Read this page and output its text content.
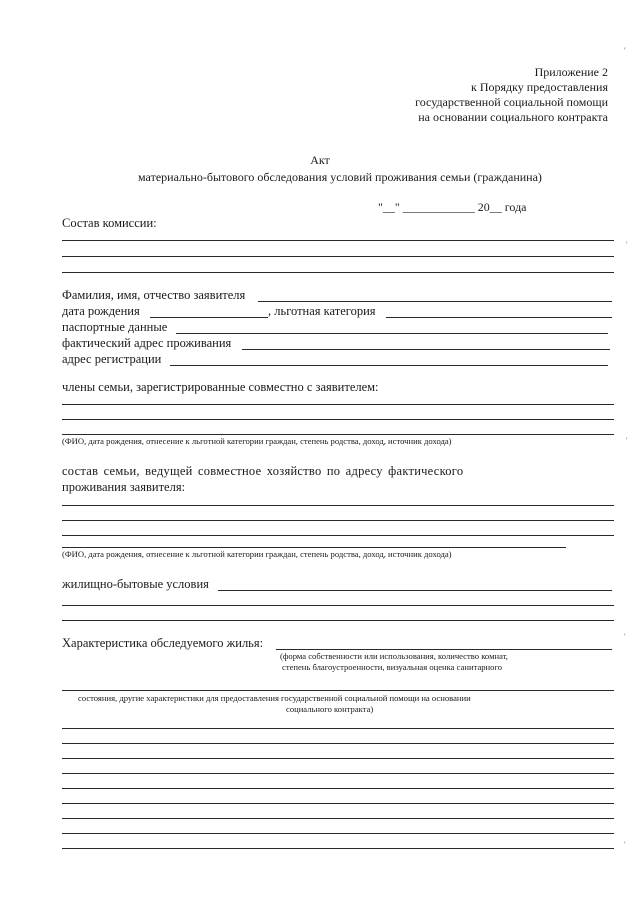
Приложение 2
к Порядку предоставления
государственной социальной помощи
на основании социального контракта
Акт
материально-бытового обследования условий проживания семьи (гражданина)
"__" ____________ 20__ года
Состав комиссии:
Фамилия, имя, отчество заявителя
дата рождения	, льготная категория
паспортные данные
фактический адрес проживания
адрес регистрации
члены семьи, зарегистрированные совместно с заявителем:
(ФИО, дата рождения, отнесение к льготной категории граждан, степень родства, доход, источник дохода)
состав семьи, ведущей совместное хозяйство по адресу фактического
проживания заявителя:
(ФИО, дата рождения, отнесение к льготной категории граждан, степень родства, доход, источник дохода)
жилищно-бытовые условия
Характеристика обследуемого жилья:
(форма собственности или использования, количество комнат,
степень благоустроенности, визуальная оценка санитарного
состояния, другие характеристики для предоставления государственной социальной помощи на основании
социального контракта)
′
′
′
′
′
